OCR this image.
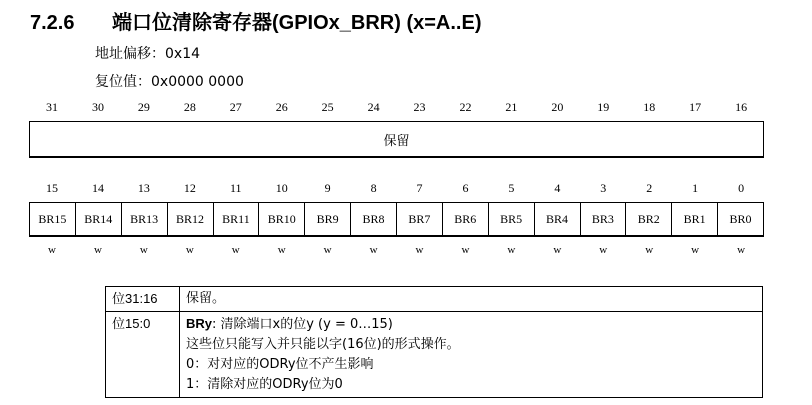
7.2.6 端口位清除寄存器(GPIOx_BRR) (x=A..E)
地址偏移：0x14
复位值：0x0000 0000
31	30	29	28	27	26	25	24	23	22	21	20	19	18	17	16
保留
15	14	13	12	11	10	9	8	7	6	5	4	3	2	1	0
BR15	BR14	BR13	BR12	BR11	BR10	BR9	BR8	BR7	BR6	BR5	BR4	BR3	BR2	BR1	BR0
w	w	w	w	w	w	w	w	w	w	w	w	w	w	w	w
位31:16	保留。
位15:0	BRy: 清除端口x的位y (y = 0…15)
这些位只能写入并只能以字(16位)的形式操作。
0：对对应的ODRy位不产生影响
1：清除对应的ODRy位为0
